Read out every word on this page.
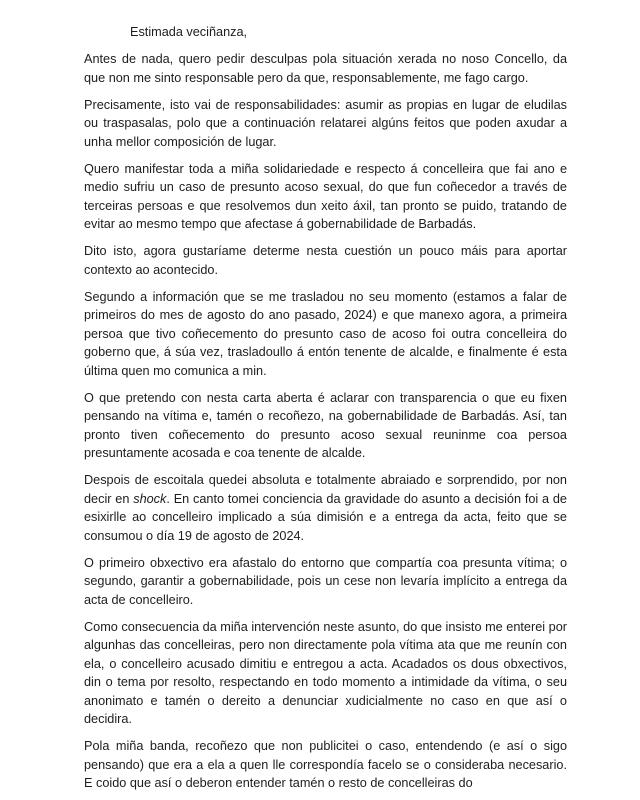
Estimada veciñanza,

Antes de nada, quero pedir desculpas pola situación xerada no noso Concello, da que non me sinto responsable pero da que, responsablemente, me fago cargo.

Precisamente, isto vai de responsabilidades: asumir as propias en lugar de eludilas ou traspasalas, polo que a continuación relatarei algúns feitos que poden axudar a unha mellor composición de lugar.

Quero manifestar toda a miña solidariedade e respecto á concelleira que fai ano e medio sufriu un caso de presunto acoso sexual, do que fun coñecedor a través de terceiras persoas e que resolvemos dun xeito áxil, tan pronto se puido, tratando de evitar ao mesmo tempo que afectase á gobernabilidade de Barbadás.

Dito isto, agora gustaríame determe nesta cuestión un pouco máis para aportar contexto ao acontecido.

Segundo a información que se me trasladou no seu momento (estamos a falar de primeiros do mes de agosto do ano pasado, 2024) e que manexo agora, a primeira persoa que tivo coñecemento do presunto caso de acoso foi outra concelleira do goberno que, á súa vez, trasladoullo á entón tenente de alcalde, e finalmente é esta última quen mo comunica a min.

O que pretendo con nesta carta aberta é aclarar con transparencia o que eu fixen pensando na vítima e, tamén o recoñezo, na gobernabilidade de Barbadás. Así, tan pronto tiven coñecemento do presunto acoso sexual reuninme coa persoa presuntamente acosada e coa tenente de alcalde.

Despois de escoitala quedei absoluta e totalmente abraiado e sorprendido, por non decir en shock. En canto tomei conciencia da gravidade do asunto a decisión foi a de esixirlle ao concelleiro implicado a súa dimisión e a entrega da acta, feito que se consumou o día 19 de agosto de 2024.

O primeiro obxectivo era afastalo do entorno que compartía coa presunta vítima; o segundo, garantir a gobernabilidade, pois un cese non levaría implícito a entrega da acta de concelleiro.

Como consecuencia da miña intervención neste asunto, do que insisto me enterei por algunhas das concelleiras, pero non directamente pola vítima ata que me reunín con ela, o concelleiro acusado dimitiu e entregou a acta. Acadados os dous obxectivos, din o tema por resolto, respectando en todo momento a intimidade da vítima, o seu anonimato e tamén o dereito a denunciar xudicialmente no caso en que así o decidira.

Pola miña banda, recoñezo que non publicitei o caso, entendendo (e así o sigo pensando) que era a ela a quen lle correspondía facelo se o consideraba necesario. E coido que así o deberon entender tamén o resto de concelleiras do
